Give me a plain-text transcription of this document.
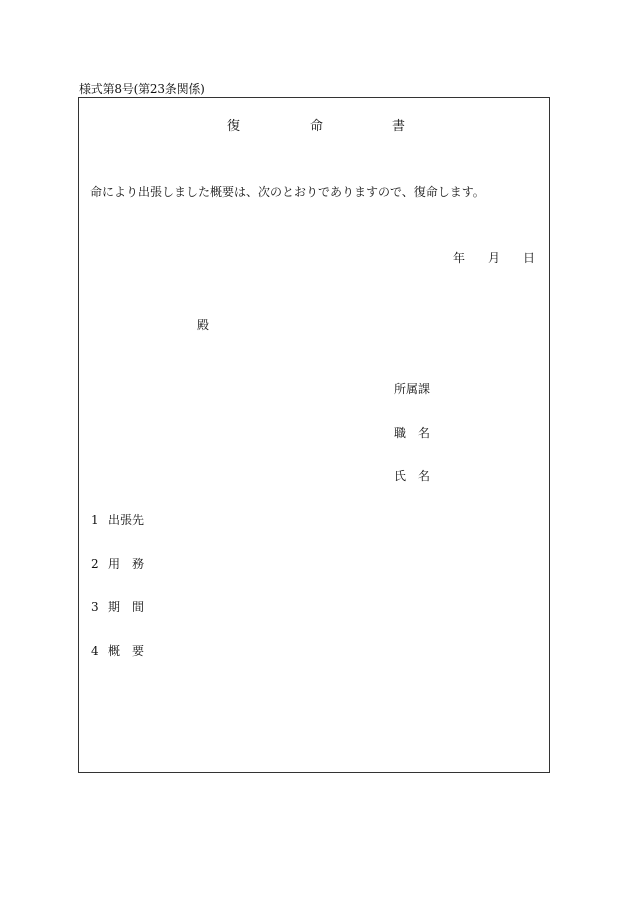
様式第8号(第23条関係)
復	命	書
命により出張しました概要は、次のとおりでありますので、復命します。
年 月 日
殿
所属課
職 名
氏 名
1 出張先
2 用 務
3 期 間
4 概 要
